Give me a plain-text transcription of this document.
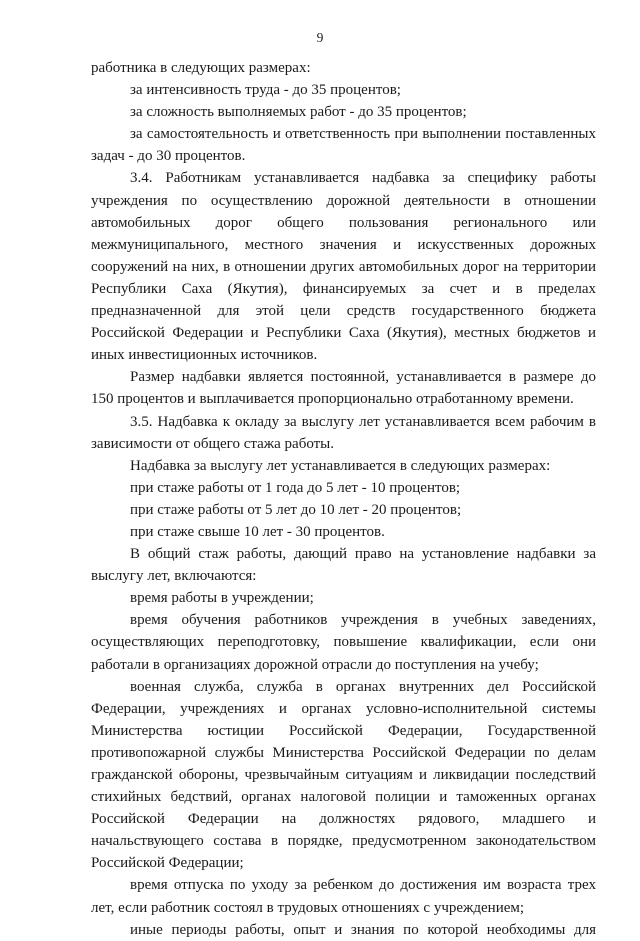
9

работника в следующих размерах:

за интенсивность труда - до 35 процентов;

за сложность выполняемых работ - до 35 процентов;

за самостоятельность и ответственность при выполнении поставленных задач - до 30 процентов.

3.4. Работникам устанавливается надбавка за специфику работы учреждения по осуществлению дорожной деятельности в отношении автомобильных дорог общего пользования регионального или межмуниципального, местного значения и искусственных дорожных сооружений на них, в отношении других автомобильных дорог на территории Республики Саха (Якутия), финансируемых за счет и в пределах предназначенной для этой цели средств государственного бюджета Российской Федерации и Республики Саха (Якутия), местных бюджетов и иных инвестиционных источников.

Размер надбавки является постоянной, устанавливается в размере до 150 процентов и выплачивается пропорционально отработанному времени.

3.5. Надбавка к окладу за выслугу лет устанавливается всем рабочим в зависимости от общего стажа работы.

Надбавка за выслугу лет устанавливается в следующих размерах:

при стаже работы от 1 года до 5 лет - 10 процентов;

при стаже работы от 5 лет до 10 лет - 20 процентов;

при стаже свыше 10 лет - 30 процентов.

В общий стаж работы, дающий право на установление надбавки за выслугу лет, включаются:

время работы в учреждении;

время обучения работников учреждения в учебных заведениях, осуществляющих переподготовку, повышение квалификации, если они работали в организациях дорожной отрасли до поступления на учебу;

военная служба, служба в органах внутренних дел Российской Федерации, учреждениях и органах условно-исполнительной системы Министерства юстиции Российской Федерации, Государственной противопожарной службы Министерства Российской Федерации по делам гражданской обороны, чрезвычайным ситуациям и ликвидации последствий стихийных бедствий, органах налоговой полиции и таможенных органах Российской Федерации на должностях рядового, младшего и начальствующего состава в порядке, предусмотренном законодательством Российской Федерации;

время отпуска по уходу за ребенком до достижения им возраста трех лет, если работник состоял в трудовых отношениях с учреждением;

иные периоды работы, опыт и знания по которой необходимы для
